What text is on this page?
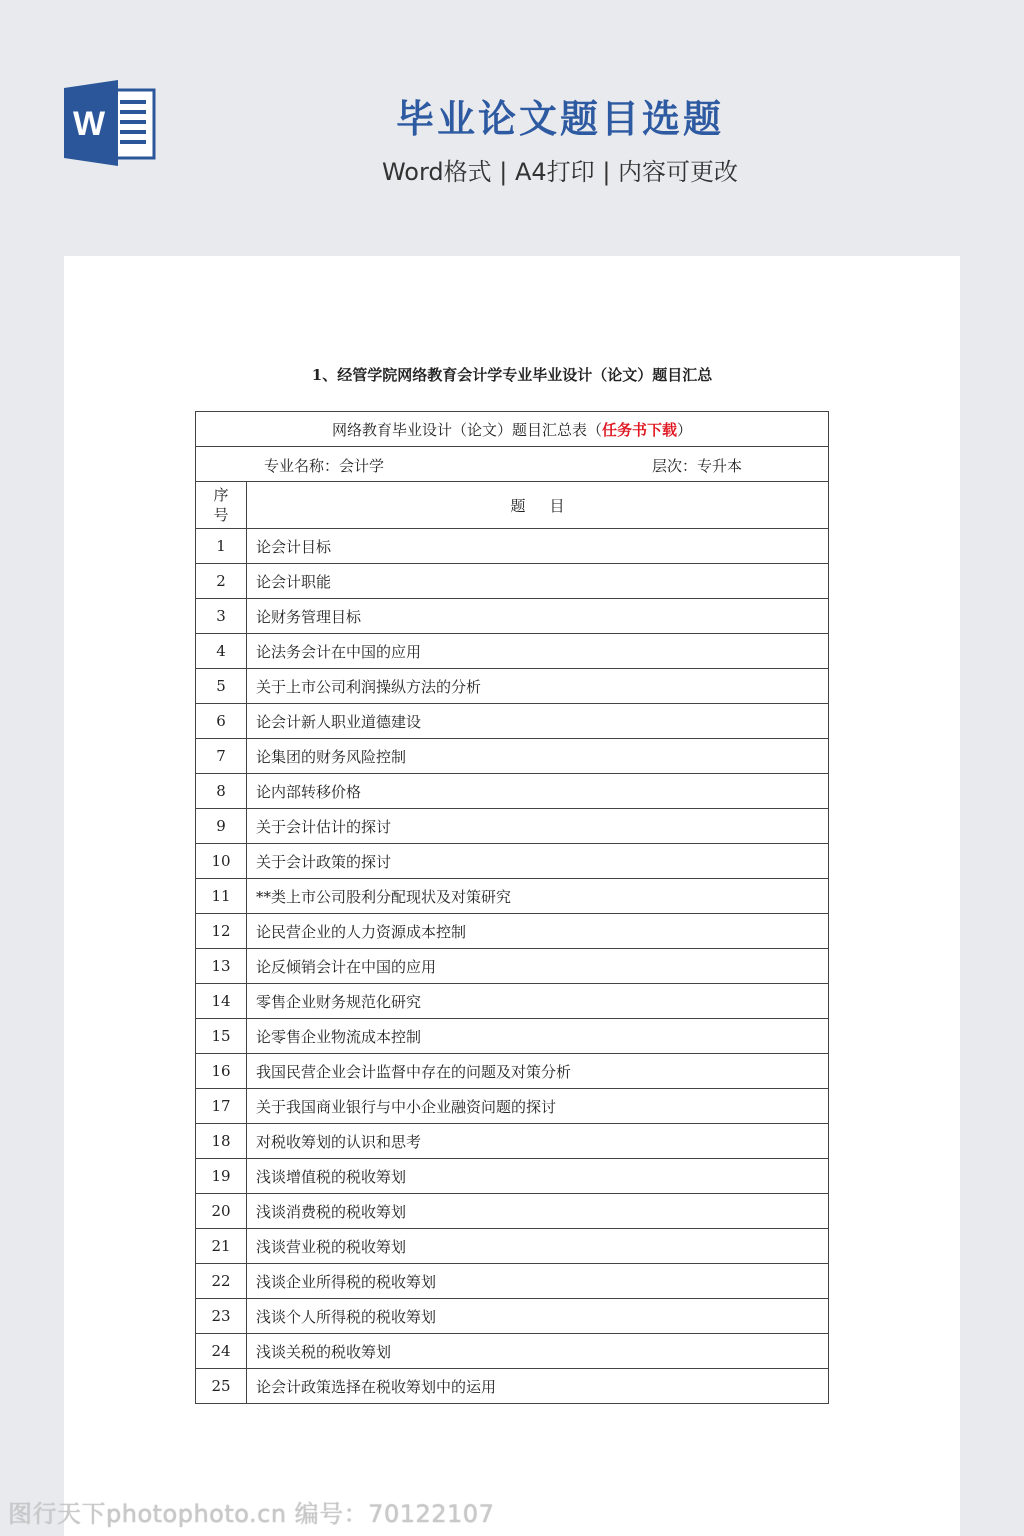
W	毕业论文题目选题
Word格式 | A4打印 | 内容可更改
1、经管学院网络教育会计学专业毕业设计（论文）题目汇总
网络教育毕业设计（论文）题目汇总表（任务书下载）	

专业名称：会计学 层次：专升本	

序
号	题 目
1	论会计目标
2	论会计职能
3	论财务管理目标
4	论法务会计在中国的应用
5	关于上市公司利润操纵方法的分析
6	论会计新人职业道德建设
7	论集团的财务风险控制
8	论内部转移价格
9	关于会计估计的探讨
10	关于会计政策的探讨
11	**类上市公司股利分配现状及对策研究
12	论民营企业的人力资源成本控制
13	论反倾销会计在中国的应用
14	零售企业财务规范化研究
15	论零售企业物流成本控制
16	我国民营企业会计监督中存在的问题及对策分析
17	关于我国商业银行与中小企业融资问题的探讨
18	对税收筹划的认识和思考
19	浅谈增值税的税收筹划
20	浅谈消费税的税收筹划
21	浅谈营业税的税收筹划
22	浅谈企业所得税的税收筹划
23	浅谈个人所得税的税收筹划
24	浅谈关税的税收筹划
25	论会计政策选择在税收筹划中的运用
图行天下photophoto.cn 编号：70122107
